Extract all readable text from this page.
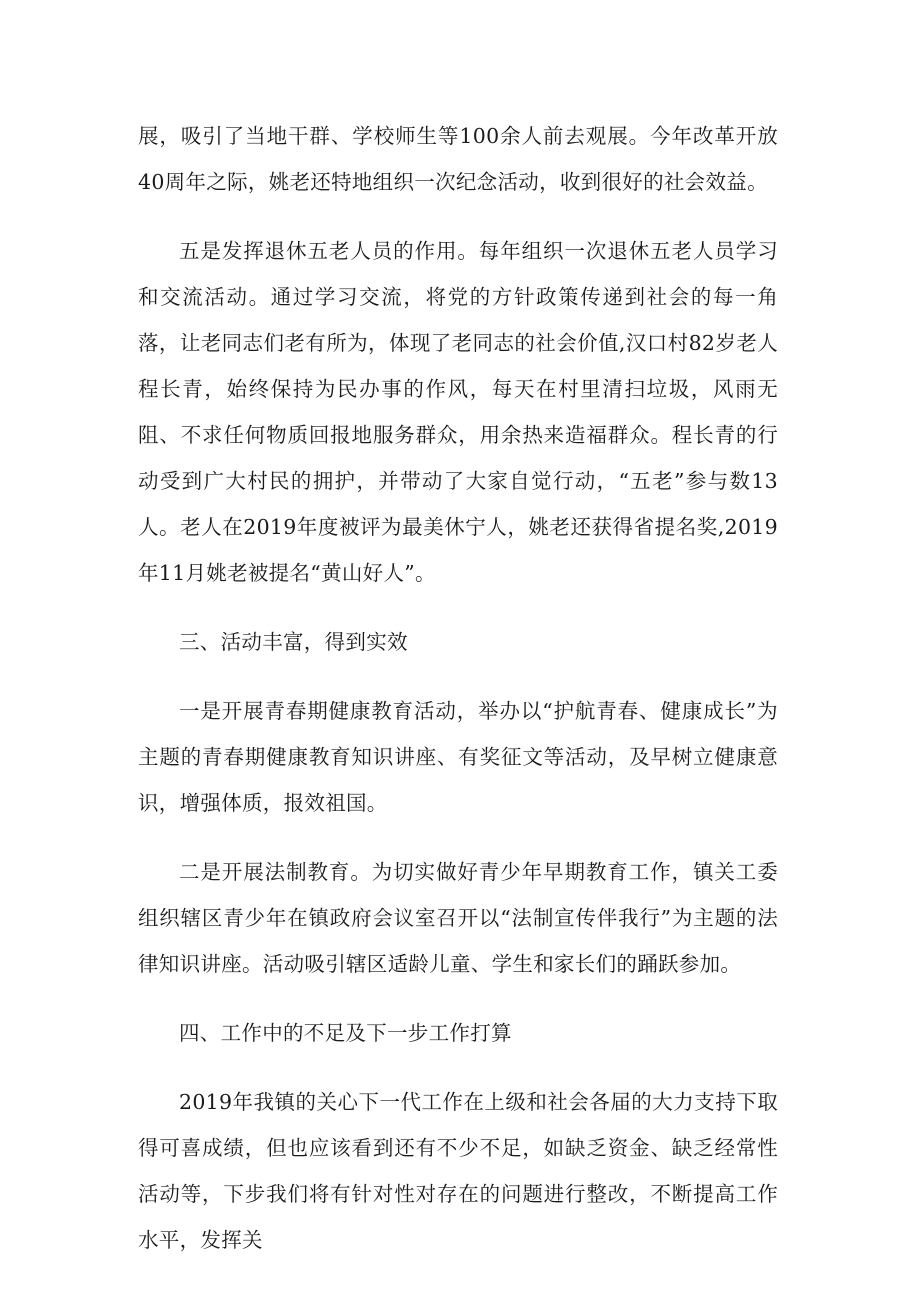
展，吸引了当地干群、学校师生等100余人前去观展。今年改革开放40周年之际，姚老还特地组织一次纪念活动，收到很好的社会效益。

五是发挥退休五老人员的作用。每年组织一次退休五老人员学习和交流活动。通过学习交流，将党的方针政策传递到社会的每一角落，让老同志们老有所为，体现了老同志的社会价值,汉口村82岁老人程长青，始终保持为民办事的作风，每天在村里清扫垃圾，风雨无阻、不求任何物质回报地服务群众，用余热来造福群众。程长青的行动受到广大村民的拥护，并带动了大家自觉行动，“五老”参与数13人。老人在2019年度被评为最美休宁人，姚老还获得省提名奖,2019年11月姚老被提名“黄山好人”。

三、活动丰富，得到实效

一是开展青春期健康教育活动，举办以“护航青春、健康成长”为主题的青春期健康教育知识讲座、有奖征文等活动，及早树立健康意识，增强体质，报效祖国。

二是开展法制教育。为切实做好青少年早期教育工作，镇关工委组织辖区青少年在镇政府会议室召开以“法制宣传伴我行”为主题的法律知识讲座。活动吸引辖区适龄儿童、学生和家长们的踊跃参加。

四、工作中的不足及下一步工作打算

2019年我镇的关心下一代工作在上级和社会各届的大力支持下取得可喜成绩，但也应该看到还有不少不足，如缺乏资金、缺乏经常性活动等，下步我们将有针对性对存在的问题进行整改，不断提高工作水平，发挥关
